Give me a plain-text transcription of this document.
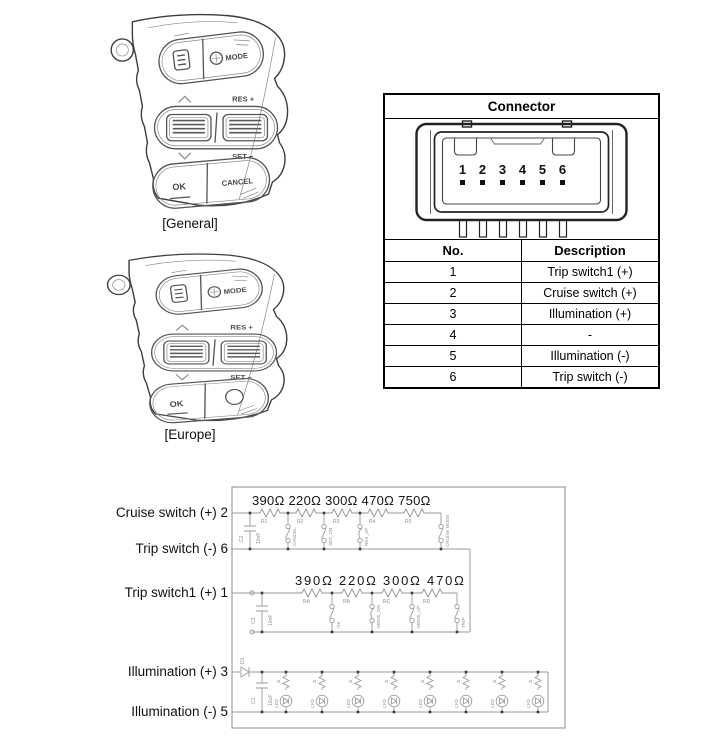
MODE
RES +
SET −
OK	CANCEL
[General]
MODE
RES +
SET −
OK
[Europe]
Connector	

1 2 3 4 5 6

No.	Description
1	Trip switch1 (+)
2	Cruise switch (+)
3	Illumination (+)
4	-
5	Illumination (-)
6	Trip switch (-)
Cruise switch (+) 2
Trip switch (-) 6
Trip switch1 (+) 1
Illumination (+) 3
Illumination (-) 5
390Ω 220Ω 300Ω 470Ω 750Ω
C2 10nF
R1	R2	R3	R4	R5
CANCEL	SET_DN	RES_UP	CRUISE MODE
390Ω 220Ω 300Ω 470Ω
C3 10nF
RA	RB	RC	RD
OK	MOVE_DN	MOVE_UP	TRIP
D1
C1 10uF
R
LED
R
LED
R
LED
R
LED
R
LED
R
LED
R
LED
R
LED
